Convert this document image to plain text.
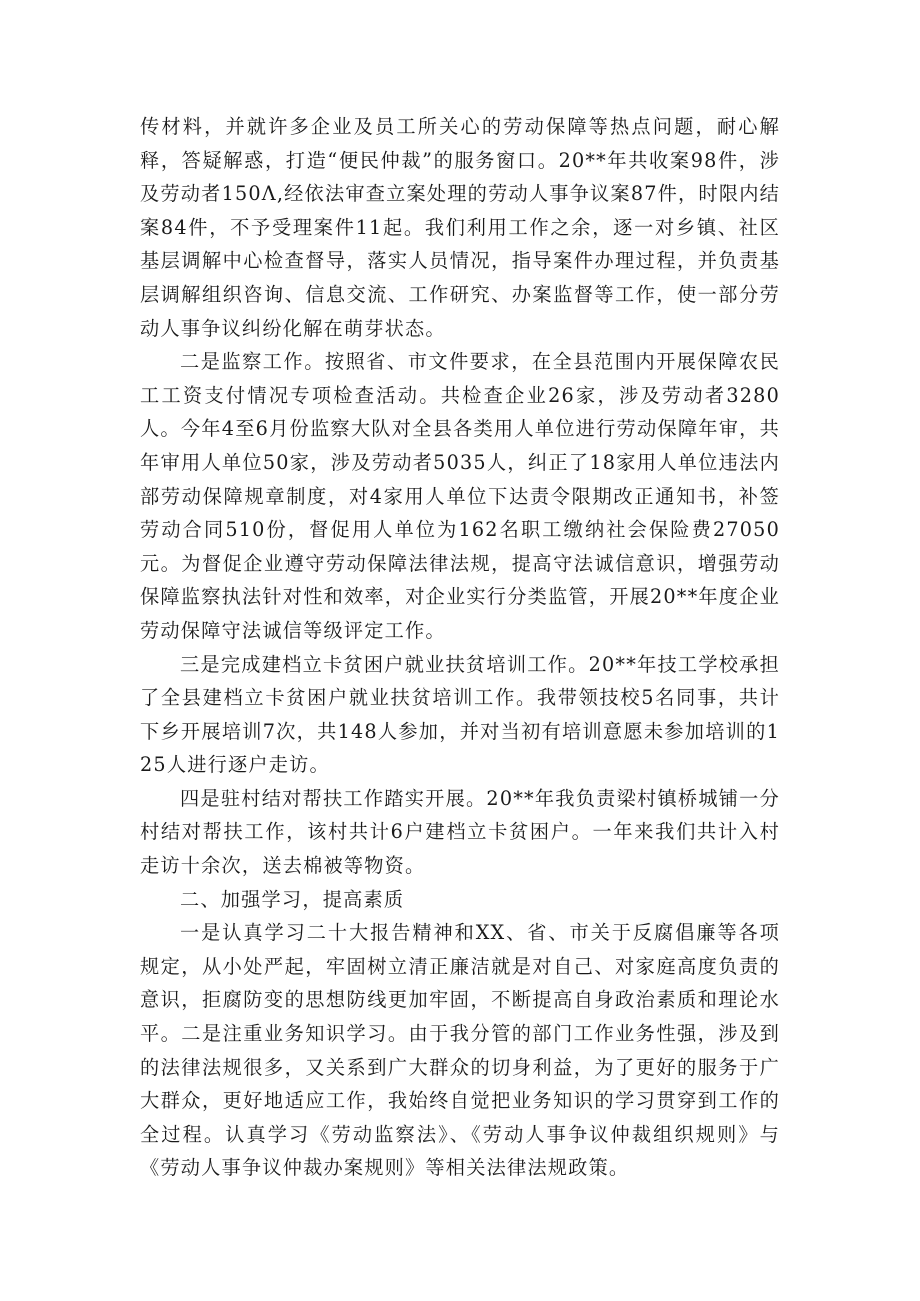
传材料，并就许多企业及员工所关心的劳动保障等热点问题，耐心解释，答疑解惑，打造“便民仲裁”的服务窗口。20**年共收案98件，涉及劳动者150Λ,经依法审查立案处理的劳动人事争议案87件，时限内结案84件，不予受理案件11起。我们利用工作之余，逐一对乡镇、社区基层调解中心检查督导，落实人员情况，指导案件办理过程，并负责基层调解组织咨询、信息交流、工作研究、办案监督等工作，使一部分劳动人事争议纠纷化解在萌芽状态。

二是监察工作。按照省、市文件要求，在全县范围内开展保障农民工工资支付情况专项检查活动。共检查企业26家，涉及劳动者3280人。今年4至6月份监察大队对全县各类用人单位进行劳动保障年审，共年审用人单位50家，涉及劳动者5035人，纠正了18家用人单位违法内部劳动保障规章制度，对4家用人单位下达责令限期改正通知书，补签劳动合同510份，督促用人单位为162名职工缴纳社会保险费27050元。为督促企业遵守劳动保障法律法规，提高守法诚信意识，增强劳动保障监察执法针对性和效率，对企业实行分类监管，开展20**年度企业劳动保障守法诚信等级评定工作。

三是完成建档立卡贫困户就业扶贫培训工作。20**年技工学校承担了全县建档立卡贫困户就业扶贫培训工作。我带领技校5名同事，共计下乡开展培训7次，共148人参加，并对当初有培训意愿未参加培训的125人进行逐户走访。

四是驻村结对帮扶工作踏实开展。20**年我负责梁村镇桥城铺一分村结对帮扶工作，该村共计6户建档立卡贫困户。一年来我们共计入村走访十余次，送去棉被等物资。

二、加强学习，提高素质

一是认真学习二十大报告精神和XX、省、市关于反腐倡廉等各项规定，从小处严起，牢固树立清正廉洁就是对自己、对家庭高度负责的意识，拒腐防变的思想防线更加牢固，不断提高自身政治素质和理论水平。二是注重业务知识学习。由于我分管的部门工作业务性强，涉及到的法律法规很多，又关系到广大群众的切身利益，为了更好的服务于广大群众，更好地适应工作，我始终自觉把业务知识的学习贯穿到工作的全过程。认真学习《劳动监察法》、《劳动人事争议仲裁组织规则》与《劳动人事争议仲裁办案规则》等相关法律法规政策。
